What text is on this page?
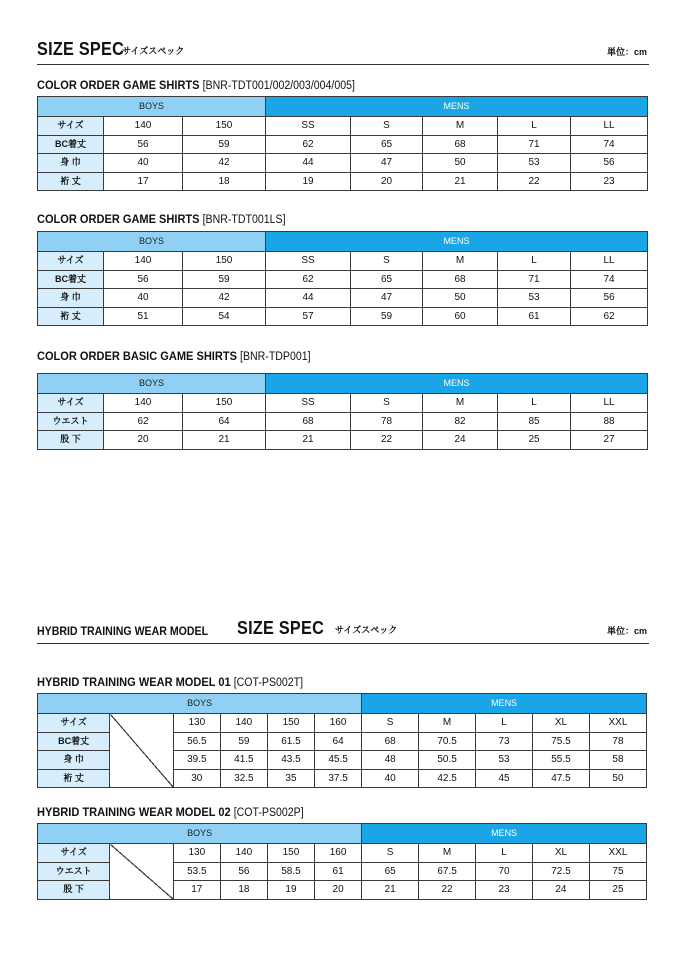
SIZE SPEC
サイズスペック	単位：cm
COLOR ORDER GAME SHIRTS [BNR-TDT001/002/003/004/005]
BOYS			MENS				
サイズ	140	150	SS	S	M	L	LL
BC着丈	56	59	62	65	68	71	74
身 巾	40	42	44	47	50	53	56
裄 丈	17	18	19	20	21	22	23
COLOR ORDER GAME SHIRTS [BNR-TDT001LS]
BOYS			MENS				
サイズ	140	150	SS	S	M	L	LL
BC着丈	56	59	62	65	68	71	74
身 巾	40	42	44	47	50	53	56
裄 丈	51	54	57	59	60	61	62
COLOR ORDER BASIC GAME SHIRTS [BNR-TDP001]
BOYS			MENS				
サイズ	140	150	SS	S	M	L	LL
ウエスト	62	64	68	78	82	85	88
股 下	20	21	21	22	24	25	27
HYBRID TRAINING WEAR MODEL SIZE SPEC サイズスペック	単位：cm
HYBRID TRAINING WEAR MODEL 01 [COT-PS002T]
BOYS						MENS				
サイズ		130	140	150	160	S	M	L	XL	XXL
BC着丈		56.5	59	61.5	64	68	70.5	73	75.5	78
身 巾		39.5	41.5	43.5	45.5	48	50.5	53	55.5	58
裄 丈		30	32.5	35	37.5	40	42.5	45	47.5	50
HYBRID TRAINING WEAR MODEL 02 [COT-PS002P]
BOYS						MENS				
サイズ		130	140	150	160	S	M	L	XL	XXL
ウエスト		53.5	56	58.5	61	65	67.5	70	72.5	75
股 下		17	18	19	20	21	22	23	24	25
